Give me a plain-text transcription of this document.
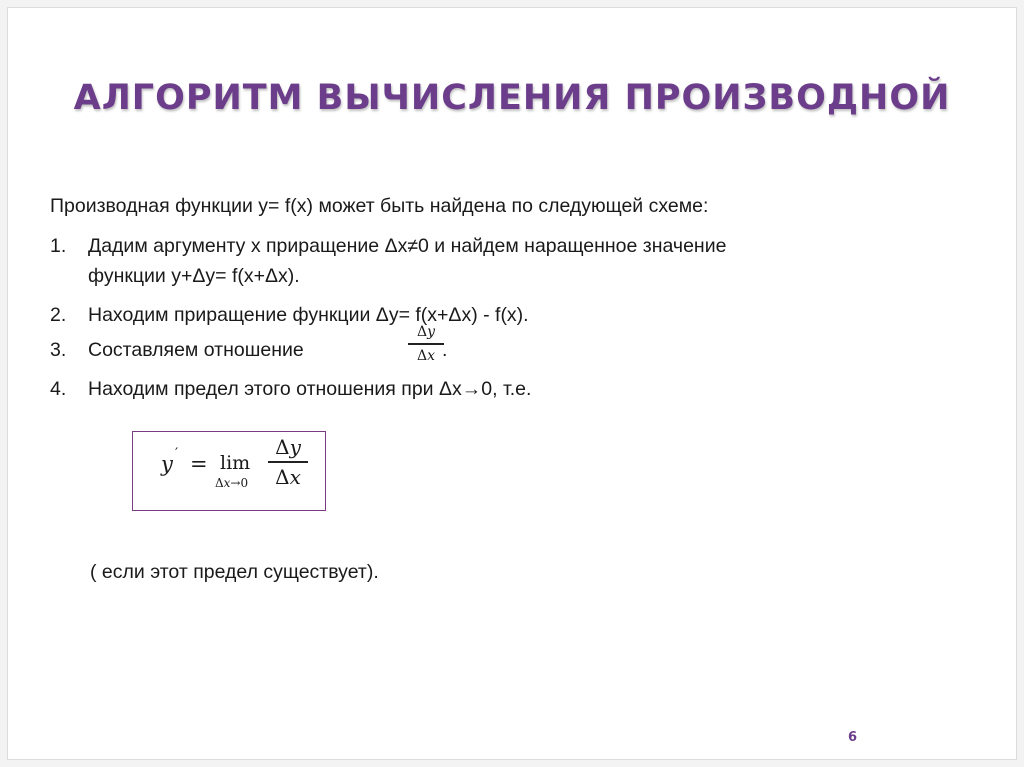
АЛГОРИТМ ВЫЧИСЛЕНИЯ ПРОИЗВОДНОЙ
Производная функции y= f(x) может быть найдена по следующей схеме:
1. Дадим аргументу x приращение Δx≠0 и найдем наращенное значение
функции y+Δy= f(x+Δx).
2. Находим приращение функции Δy= f(x+Δx) - f(x).
3. Составляем отношение
Δ𝑦
Δ𝑥 .
4. Находим предел этого отношения при Δx→0, т.е.
y ′ = lim
Δ𝑥→0
Δ𝑦
Δ𝑥
( если этот предел существует).
6
